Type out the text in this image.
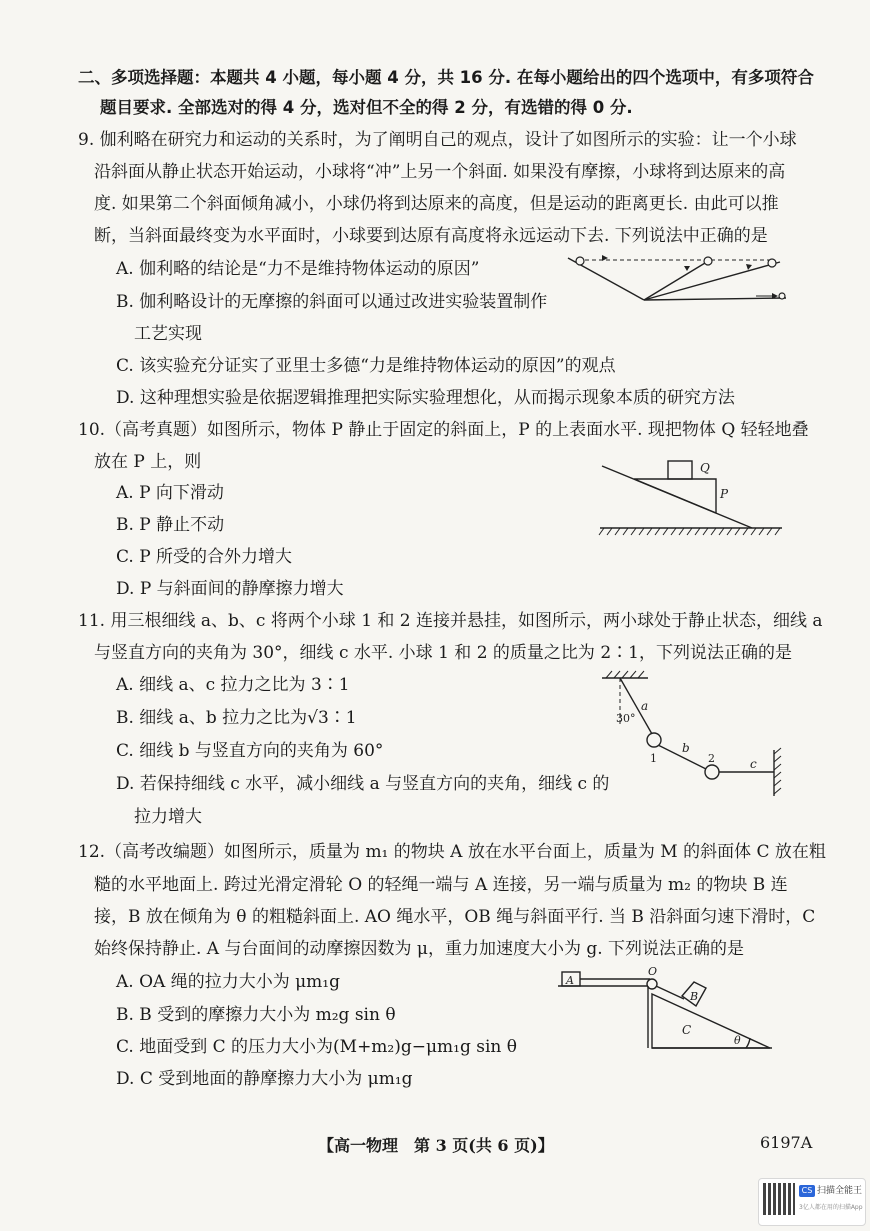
二、多项选择题：本题共 4 小题，每小题 4 分，共 16 分. 在每小题给出的四个选项中，有多项符合
题目要求. 全部选对的得 4 分，选对但不全的得 2 分，有选错的得 0 分.
9. 伽利略在研究力和运动的关系时，为了阐明自己的观点，设计了如图所示的实验：让一个小球
沿斜面从静止状态开始运动，小球将“冲”上另一个斜面. 如果没有摩擦，小球将到达原来的高
度. 如果第二个斜面倾角减小，小球仍将到达原来的高度，但是运动的距离更长. 由此可以推
断，当斜面最终变为水平面时，小球要到达原有高度将永远运动下去. 下列说法中正确的是
A. 伽利略的结论是“力不是维持物体运动的原因”
B. 伽利略设计的无摩擦的斜面可以通过改进实验装置制作
工艺实现
C. 该实验充分证实了亚里士多德“力是维持物体运动的原因”的观点
D. 这种理想实验是依据逻辑推理把实际实验理想化，从而揭示现象本质的研究方法
10.（高考真题）如图所示，物体 P 静止于固定的斜面上，P 的上表面水平. 现把物体 Q 轻轻地叠
放在 P 上，则
A. P 向下滑动
B. P 静止不动
C. P 所受的合外力增大
D. P 与斜面间的静摩擦力增大
Q
P
11. 用三根细线 a、b、c 将两个小球 1 和 2 连接并悬挂，如图所示，两小球处于静止状态，细线 a
与竖直方向的夹角为 30°，细线 c 水平. 小球 1 和 2 的质量之比为 2∶1，下列说法正确的是
A. 细线 a、c 拉力之比为 3∶1
B. 细线 a、b 拉力之比为√3∶1
C. 细线 b 与竖直方向的夹角为 60°
D. 若保持细线 c 水平，减小细线 a 与竖直方向的夹角，细线 c 的
拉力增大
30°
a
b
c
1	2
12.（高考改编题）如图所示，质量为 m₁ 的物块 A 放在水平台面上，质量为 M 的斜面体 C 放在粗
糙的水平地面上. 跨过光滑定滑轮 O 的轻绳一端与 A 连接，另一端与质量为 m₂ 的物块 B 连
接，B 放在倾角为 θ 的粗糙斜面上. AO 绳水平，OB 绳与斜面平行. 当 B 沿斜面匀速下滑时，C
始终保持静止. A 与台面间的动摩擦因数为 μ，重力加速度大小为 g. 下列说法正确的是
A. OA 绳的拉力大小为 μm₁g
B. B 受到的摩擦力大小为 m₂g sin θ
C. 地面受到 C 的压力大小为(M+m₂)g−μm₁g sin θ
D. C 受到地面的静摩擦力大小为 μm₁g
A
O
B
C
θ
【高一物理　第 3 页(共 6 页)】	6197A
CS 扫描全能王
3亿人都在用的扫描App
